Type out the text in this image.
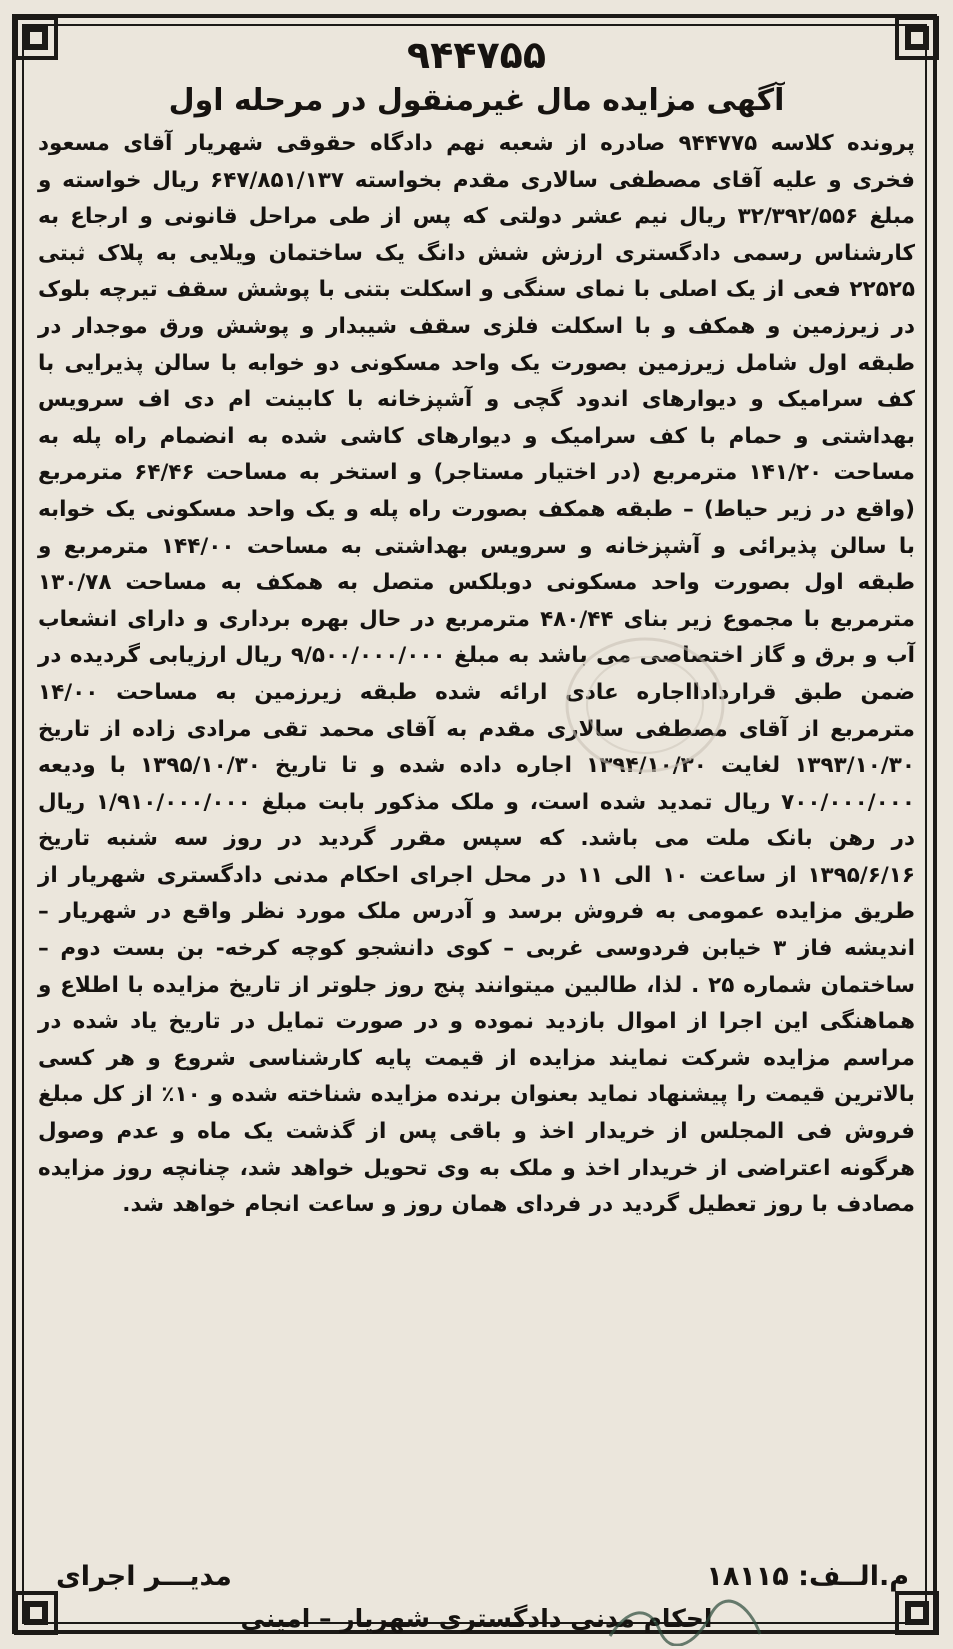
۹۴۴۷۵۵
آگهی مزایده مال غیرمنقول در مرحله اول

پرونده کلاسه ۹۴۴۷۷۵ صادره از شعبه نهم دادگاه حقوقی شهریار آقای مسعود فخری و علیه آقای مصطفی سالاری مقدم بخواسته ۶۴۷/۸۵۱/۱۳۷ ریال خواسته و مبلغ ۳۲/۳۹۲/۵۵۶ ریال نیم عشر دولتی که پس از طی مراحل قانونی و ارجاع به کارشناس رسمی دادگستری ارزش شش دانگ یک ساختمان ویلایی به پلاک ثبتی ۲۲۵۲۵ فعی از یک اصلی با نمای سنگی و اسکلت بتنی با پوشش سقف تیرچه بلوک در زیرزمین و همکف و با اسکلت فلزی سقف شیبدار و پوشش ورق موجدار در طبقه اول شامل زیرزمین بصورت یک واحد مسکونی دو خوابه با سالن پذیرایی با کف سرامیک و دیوارهای اندود گچی و آشپزخانه با کابینت ام دی اف سرویس بهداشتی و حمام با کف سرامیک و دیوارهای کاشی شده به انضمام راه پله به مساحت ۱۴۱/۲۰ مترمربع (در اختیار مستاجر) و استخر به مساحت ۶۴/۴۶ مترمربع (واقع در زیر حیاط) – طبقه همکف بصورت راه پله و یک واحد مسکونی یک خوابه با سالن پذیرائی و آشپزخانه و سرویس بهداشتی به مساحت ۱۴۴/۰۰ مترمربع و طبقه اول بصورت واحد مسکونی دوبلکس متصل به همکف به مساحت ۱۳۰/۷۸ مترمربع با مجموع زیر بنای ۴۸۰/۴۴ مترمربع در حال بهره برداری و دارای انشعاب آب و برق و گاز اختصاصی می باشد به مبلغ ۹/۵۰۰/۰۰۰/۰۰۰ ریال ارزیابی گردیده در ضمن طبق قراردادااجاره عادی ارائه شده طبقه زیرزمین به مساحت ۱۴/۰۰ مترمربع از آقای مصطفی سالاری مقدم به آقای محمد تقی مرادی زاده از تاریخ ۱۳۹۳/۱۰/۳۰ لغایت ۱۳۹۴/۱۰/۳۰ اجاره داده شده و تا تاریخ ۱۳۹۵/۱۰/۳۰ با ودیعه ۷۰۰/۰۰۰/۰۰۰ ریال تمدید شده است، و ملک مذکور بابت مبلغ ۱/۹۱۰/۰۰۰/۰۰۰ ریال در رهن بانک ملت می باشد. که سپس مقرر گردید در روز سه شنبه تاریخ ۱۳۹۵/۶/۱۶ از ساعت ۱۰ الی ۱۱ در محل اجرای احکام مدنی دادگستری شهریار از طریق مزایده عمومی به فروش برسد و آدرس ملک مورد نظر واقع در شهریار – اندیشه فاز ۳ خیابن فردوسی غربی – کوی دانشجو کوچه کرخه- بن بست دوم – ساختمان شماره ۲۵ . لذا، طالبین میتوانند پنج روز جلوتر از تاریخ مزایده با اطلاع و هماهنگی این اجرا از اموال بازدید نموده و در صورت تمایل در تاریخ یاد شده در مراسم مزایده شرکت نمایند مزایده از قیمت پایه کارشناسی شروع و هر کسی بالاترین قیمت را پیشنهاد نماید بعنوان برنده مزایده شناخته شده و ۱۰٪ از کل مبلغ فروش فی المجلس از خریدار اخذ و باقی پس از گذشت یک ماه و عدم وصول هرگونه اعتراضی از خریدار اخذ و ملک به وی تحویل خواهد شد، چنانچه روز مزایده مصادف با روز تعطیل گردید در فردای همان روز و ساعت انجام خواهد شد.

م.الــف: ۱۸۱۱۵
مدیـــر اجرای
احکام مدنی دادگستری شهریار – امینی
